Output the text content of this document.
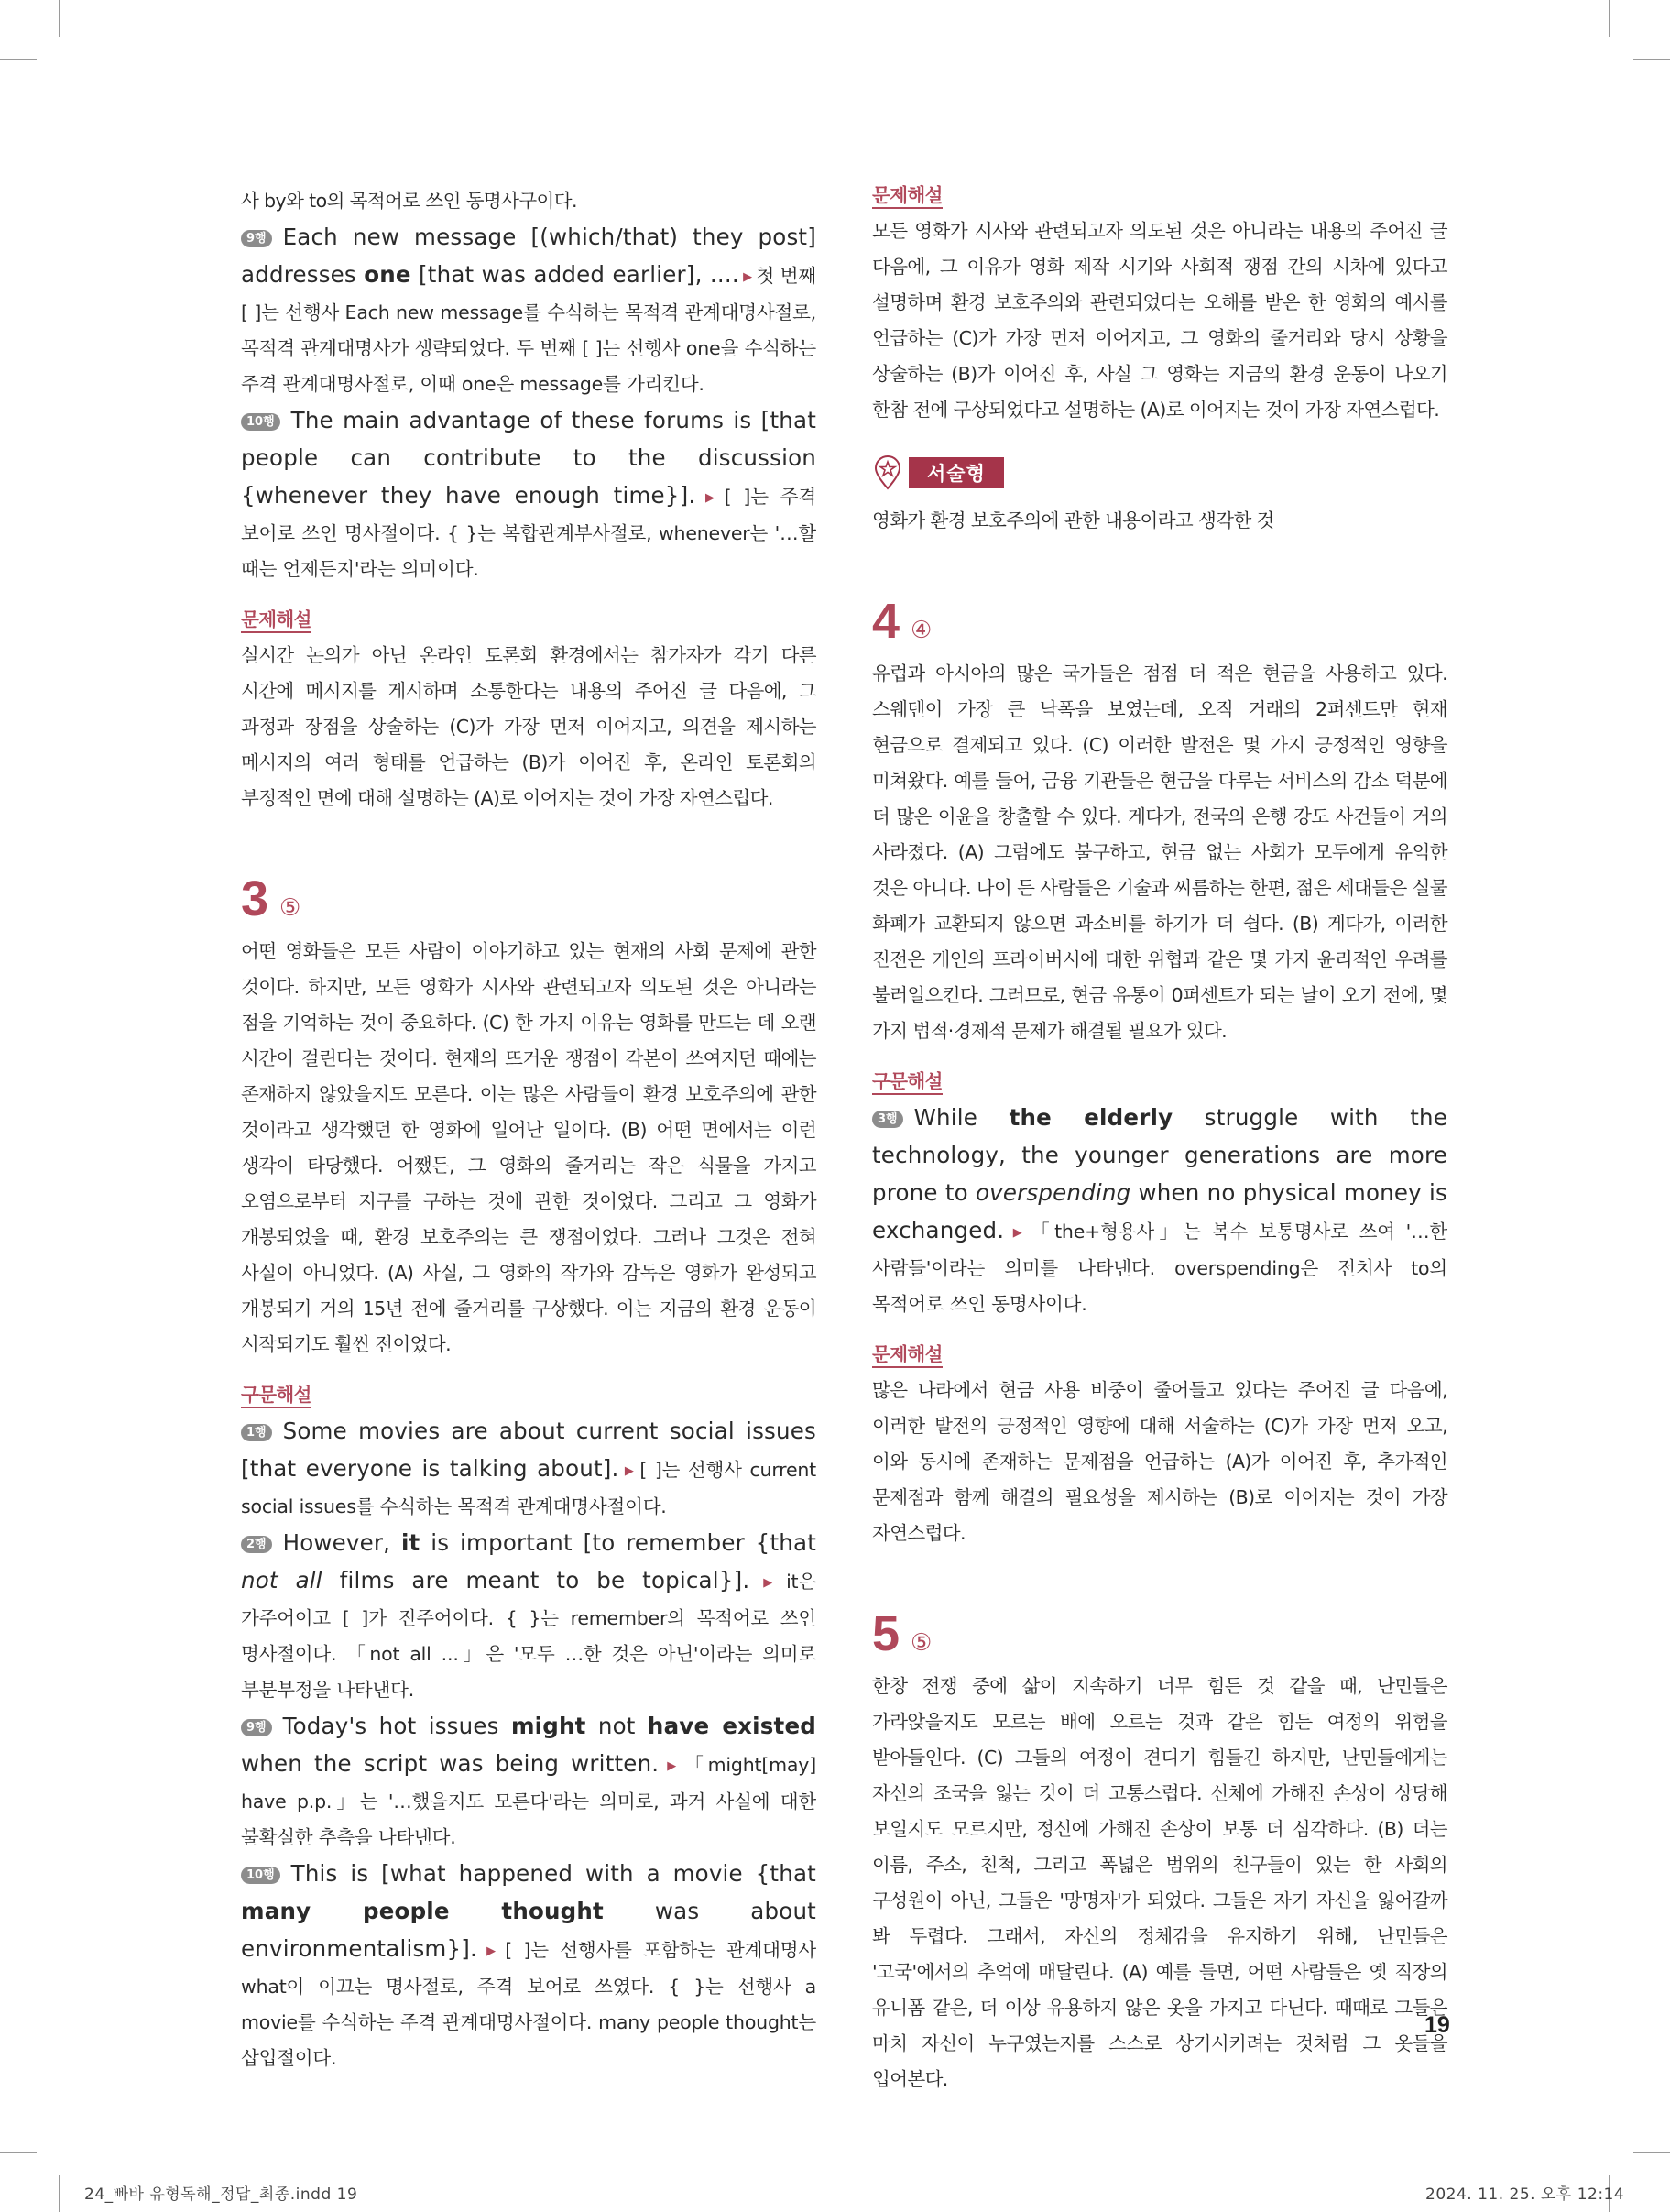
사 by와 to의 목적어로 쓰인 동명사구이다.

9행 Each new message [(which/that) they post] addresses one [that was added earlier], .... ▶ 첫 번째 [ ]는 선행사 Each new message를 수식하는 목적격 관계대명사절로, 목적격 관계대명사가 생략되었다. 두 번째 [ ]는 선행사 one을 수식하는 주격 관계대명사절로, 이때 one은 message를 가리킨다.

10행 The main advantage of these forums is [that people can contribute to the discussion {whenever they have enough time}]. ▶ [ ]는 주격 보어로 쓰인 명사절이다. { }는 복합관계부사절로, whenever는 '…할 때는 언제든지'라는 의미이다.

문제해설

실시간 논의가 아닌 온라인 토론회 환경에서는 참가자가 각기 다른 시간에 메시지를 게시하며 소통한다는 내용의 주어진 글 다음에, 그 과정과 장점을 상술하는 (C)가 가장 먼저 이어지고, 의견을 제시하는 메시지의 여러 형태를 언급하는 (B)가 이어진 후, 온라인 토론회의 부정적인 면에 대해 설명하는 (A)로 이어지는 것이 가장 자연스럽다.

3 ⑤

어떤 영화들은 모든 사람이 이야기하고 있는 현재의 사회 문제에 관한 것이다. 하지만, 모든 영화가 시사와 관련되고자 의도된 것은 아니라는 점을 기억하는 것이 중요하다. (C) 한 가지 이유는 영화를 만드는 데 오랜 시간이 걸린다는 것이다. 현재의 뜨거운 쟁점이 각본이 쓰여지던 때에는 존재하지 않았을지도 모른다. 이는 많은 사람들이 환경 보호주의에 관한 것이라고 생각했던 한 영화에 일어난 일이다. (B) 어떤 면에서는 이런 생각이 타당했다. 어쨌든, 그 영화의 줄거리는 작은 식물을 가지고 오염으로부터 지구를 구하는 것에 관한 것이었다. 그리고 그 영화가 개봉되었을 때, 환경 보호주의는 큰 쟁점이었다. 그러나 그것은 전혀 사실이 아니었다. (A) 사실, 그 영화의 작가와 감독은 영화가 완성되고 개봉되기 거의 15년 전에 줄거리를 구상했다. 이는 지금의 환경 운동이 시작되기도 훨씬 전이었다.

구문해설

1행 Some movies are about current social issues [that everyone is talking about]. ▶ [ ]는 선행사 current social issues를 수식하는 목적격 관계대명사절이다.

2행 However, it is important [to remember {that not all films are meant to be topical}]. ▶ it은 가주어이고 [ ]가 진주어이다. { }는 remember의 목적어로 쓰인 명사절이다. 「not all ...」은 '모두 …한 것은 아닌'이라는 의미로 부분부정을 나타낸다.

9행 Today's hot issues might not have existed when the script was being written. ▶ 「might[may] have p.p.」는 '…했을지도 모른다'라는 의미로, 과거 사실에 대한 불확실한 추측을 나타낸다.

10행 This is [what happened with a movie {that many people thought was about environmentalism}]. ▶ [ ]는 선행사를 포함하는 관계대명사 what이 이끄는 명사절로, 주격 보어로 쓰였다. { }는 선행사 a movie를 수식하는 주격 관계대명사절이다. many people thought는 삽입절이다.

문제해설

모든 영화가 시사와 관련되고자 의도된 것은 아니라는 내용의 주어진 글 다음에, 그 이유가 영화 제작 시기와 사회적 쟁점 간의 시차에 있다고 설명하며 환경 보호주의와 관련되었다는 오해를 받은 한 영화의 예시를 언급하는 (C)가 가장 먼저 이어지고, 그 영화의 줄거리와 당시 상황을 상술하는 (B)가 이어진 후, 사실 그 영화는 지금의 환경 운동이 나오기 한참 전에 구상되었다고 설명하는 (A)로 이어지는 것이 가장 자연스럽다.

서술형

영화가 환경 보호주의에 관한 내용이라고 생각한 것

4 ④

유럽과 아시아의 많은 국가들은 점점 더 적은 현금을 사용하고 있다. 스웨덴이 가장 큰 낙폭을 보였는데, 오직 거래의 2퍼센트만 현재 현금으로 결제되고 있다. (C) 이러한 발전은 몇 가지 긍정적인 영향을 미쳐왔다. 예를 들어, 금융 기관들은 현금을 다루는 서비스의 감소 덕분에 더 많은 이윤을 창출할 수 있다. 게다가, 전국의 은행 강도 사건들이 거의 사라졌다. (A) 그럼에도 불구하고, 현금 없는 사회가 모두에게 유익한 것은 아니다. 나이 든 사람들은 기술과 씨름하는 한편, 젊은 세대들은 실물 화폐가 교환되지 않으면 과소비를 하기가 더 쉽다. (B) 게다가, 이러한 진전은 개인의 프라이버시에 대한 위협과 같은 몇 가지 윤리적인 우려를 불러일으킨다. 그러므로, 현금 유통이 0퍼센트가 되는 날이 오기 전에, 몇 가지 법적·경제적 문제가 해결될 필요가 있다.

구문해설

3행 While the elderly struggle with the technology, the younger generations are more prone to overspending when no physical money is exchanged. ▶ 「the+형용사」는 복수 보통명사로 쓰여 '…한 사람들'이라는 의미를 나타낸다. overspending은 전치사 to의 목적어로 쓰인 동명사이다.

문제해설

많은 나라에서 현금 사용 비중이 줄어들고 있다는 주어진 글 다음에, 이러한 발전의 긍정적인 영향에 대해 서술하는 (C)가 가장 먼저 오고, 이와 동시에 존재하는 문제점을 언급하는 (A)가 이어진 후, 추가적인 문제점과 함께 해결의 필요성을 제시하는 (B)로 이어지는 것이 가장 자연스럽다.

5 ⑤

한창 전쟁 중에 삶이 지속하기 너무 힘든 것 같을 때, 난민들은 가라앉을지도 모르는 배에 오르는 것과 같은 힘든 여정의 위험을 받아들인다. (C) 그들의 여정이 견디기 힘들긴 하지만, 난민들에게는 자신의 조국을 잃는 것이 더 고통스럽다. 신체에 가해진 손상이 상당해 보일지도 모르지만, 정신에 가해진 손상이 보통 더 심각하다. (B) 더는 이름, 주소, 친척, 그리고 폭넓은 범위의 친구들이 있는 한 사회의 구성원이 아닌, 그들은 '망명자'가 되었다. 그들은 자기 자신을 잃어갈까 봐 두렵다. 그래서, 자신의 정체감을 유지하기 위해, 난민들은 '고국'에서의 추억에 매달린다. (A) 예를 들면, 어떤 사람들은 옛 직장의 유니폼 같은, 더 이상 유용하지 않은 옷을 가지고 다닌다. 때때로 그들은 마치 자신이 누구였는지를 스스로 상기시키려는 것처럼 그 옷들을 입어본다.

19
24_빠바 유형독해_정답_최종.indd 19	2024. 11. 25. 오후 12:14
